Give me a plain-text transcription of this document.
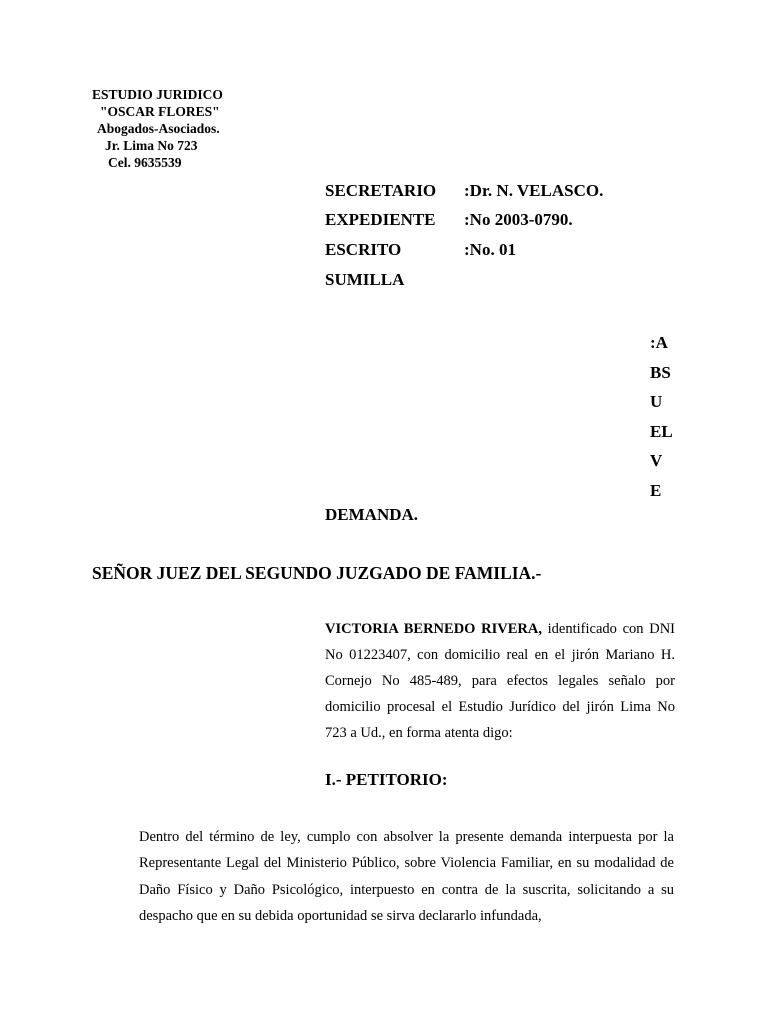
ESTUDIO JURIDICO
"OSCAR FLORES"
Abogados-Asociados.
Jr. Lima No 723
Cel. 9635539
SECRETARIO :Dr. N. VELASCO.
EXPEDIENTE :No 2003-0790.
ESCRITO	:No. 01
SUMILLA
:A
BS
U
EL
V
E
DEMANDA.
SEÑOR JUEZ DEL SEGUNDO JUZGADO DE FAMILIA.-
VICTORIA BERNEDO RIVERA, identificado con DNI No 01223407, con domicilio real en el jirón Mariano H. Cornejo No 485-489, para efectos legales señalo por domicilio procesal el Estudio Jurídico del jirón Lima No 723 a Ud., en forma atenta digo:
I.- PETITORIO:
Dentro del término de ley, cumplo con absolver la presente demanda interpuesta por la Representante Legal del Ministerio Público, sobre Violencia Familiar, en su modalidad de Daño Físico y Daño Psicológico, interpuesto en contra de la suscrita, solicitando a su despacho que en su debida oportunidad se sirva declararlo infundada,
